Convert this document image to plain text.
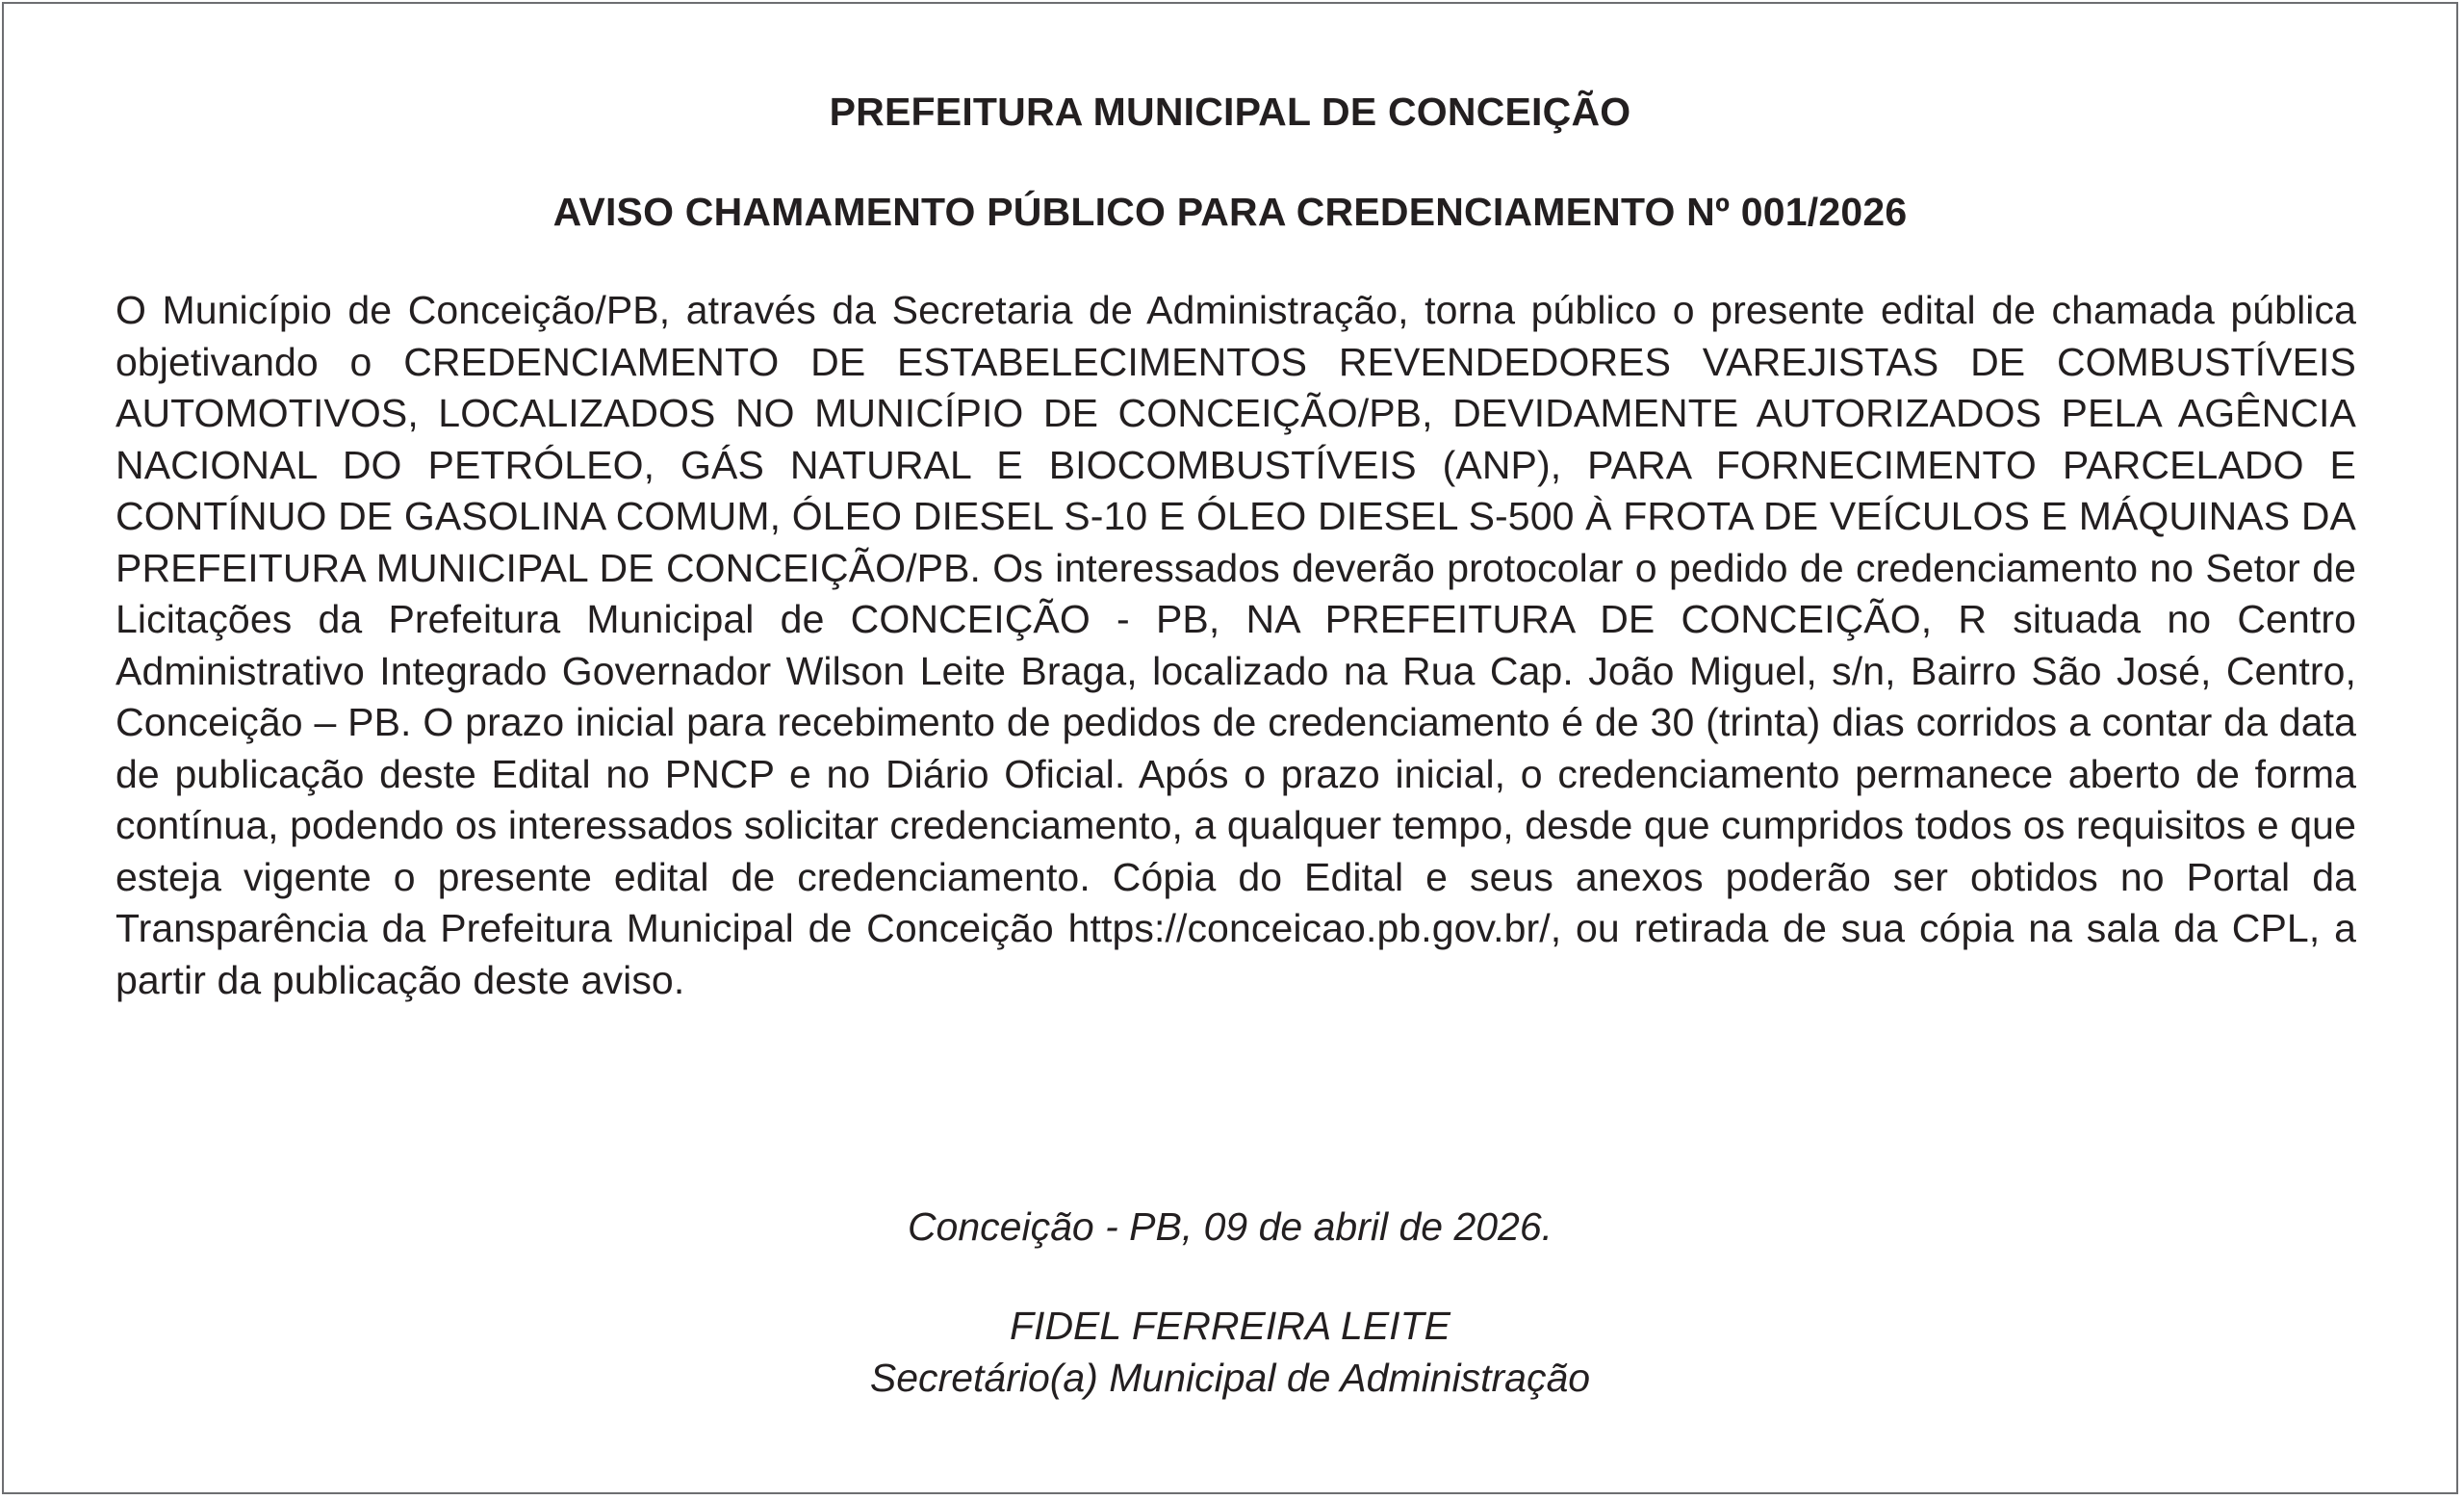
PREFEITURA MUNICIPAL DE CONCEIÇÃO
AVISO CHAMAMENTO PÚBLICO PARA CREDENCIAMENTO Nº 001/2026
O Município de Conceição/PB, através da Secretaria de Administração, torna público o presente edital de chamada pública objetivando o CREDENCIAMENTO DE ESTABELECIMENTOS REVENDEDORES VAREJISTAS DE COMBUSTÍVEIS AUTOMOTIVOS, LOCALIZADOS NO MUNICÍPIO DE CONCEIÇÃO/PB, DEVIDAMENTE AUTORIZADOS PELA AGÊNCIA NACIONAL DO PETRÓLEO, GÁS NATURAL E BIOCOMBUSTÍVEIS (ANP), PARA FORNECIMENTO PARCELADO E CONTÍNUO DE GASOLINA COMUM, ÓLEO DIESEL S-10 E ÓLEO DIESEL S-500 À FROTA DE VEÍCULOS E MÁQUINAS DA PREFEITURA MUNICIPAL DE CONCEIÇÃO/PB. Os interessados deverão protocolar o pedido de credenciamento no Setor de Licitações da Prefeitura Municipal de CONCEIÇÃO - PB, NA PREFEITURA DE CONCEIÇÃO, R situada no Centro Administrativo Integrado Governador Wilson Leite Braga, localizado na Rua Cap. João Miguel, s/n, Bairro São José, Centro, Conceição – PB. O prazo inicial para recebimento de pedidos de credenciamento é de 30 (trinta) dias corridos a contar da data de publicação deste Edital no PNCP e no Diário Oficial. Após o prazo inicial, o credenciamento permanece aberto de forma contínua, podendo os interessados solicitar credenciamento, a qualquer tempo, desde que cumpridos todos os requisitos e que esteja vigente o presente edital de credenciamento. Cópia do Edital e seus anexos poderão ser obtidos no Portal da Transparência da Prefeitura Municipal de Conceição https://conceicao.pb.gov.br/, ou retirada de sua cópia na sala da CPL, a partir da publicação deste aviso.
Conceição - PB, 09 de abril de 2026.
FIDEL FERREIRA LEITE
Secretário(a) Municipal de Administração
